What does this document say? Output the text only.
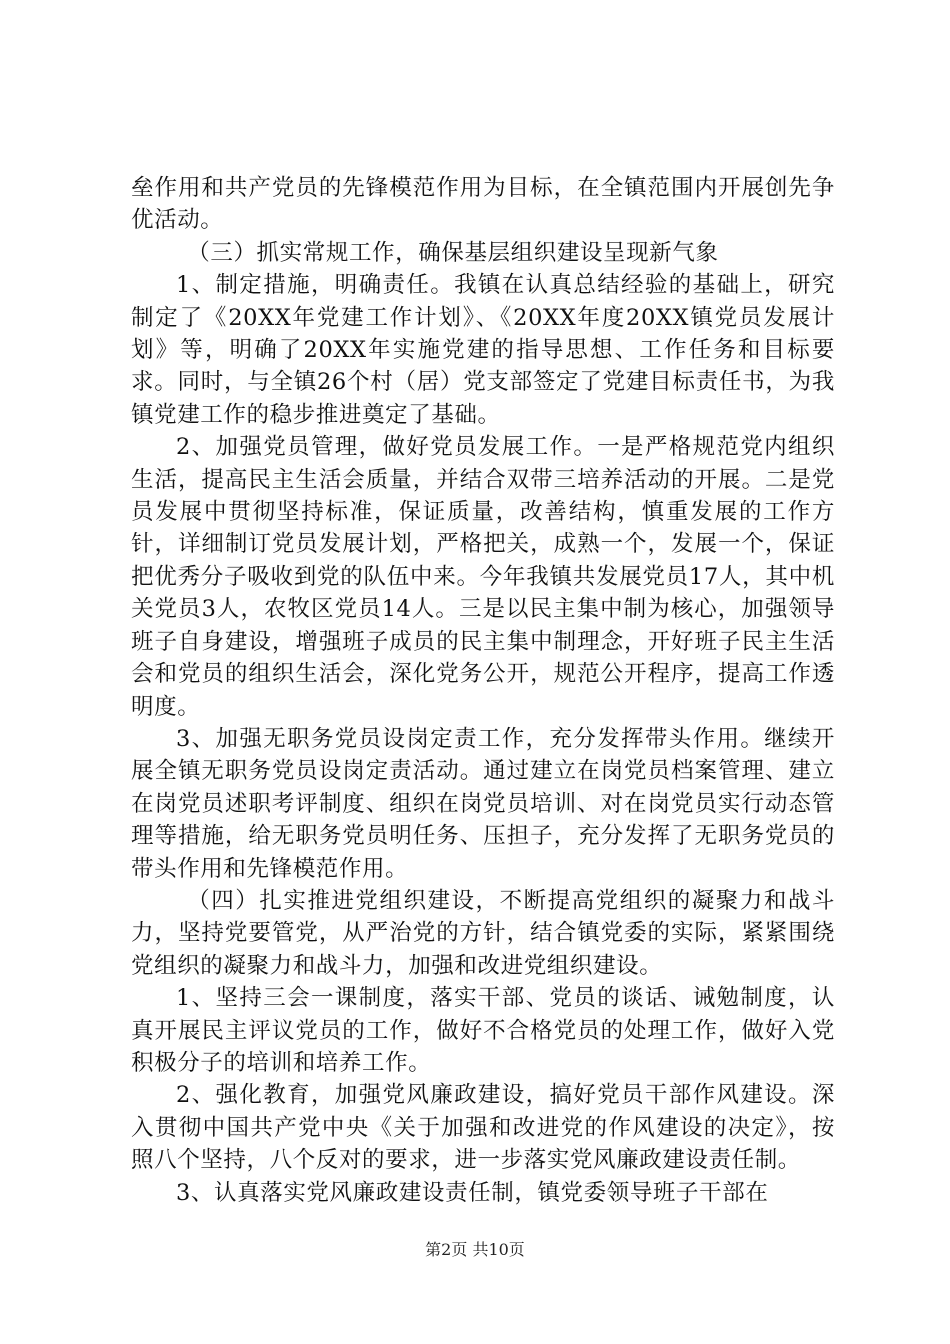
垒作用和共产党员的先锋模范作用为目标，在全镇范围内开展创先争优活动。

（三）抓实常规工作，确保基层组织建设呈现新气象

1、制定措施，明确责任。我镇在认真总结经验的基础上，研究制定了《20XX年党建工作计划》、《20XX年度20XX镇党员发展计划》等，明确了20XX年实施党建的指导思想、工作任务和目标要求。同时，与全镇26个村（居）党支部签定了党建目标责任书，为我镇党建工作的稳步推进奠定了基础。

2、加强党员管理，做好党员发展工作。一是严格规范党内组织生活，提高民主生活会质量，并结合双带三培养活动的开展。二是党员发展中贯彻坚持标准，保证质量，改善结构，慎重发展的工作方针，详细制订党员发展计划，严格把关，成熟一个，发展一个，保证把优秀分子吸收到党的队伍中来。今年我镇共发展党员17人，其中机关党员3人，农牧区党员14人。三是以民主集中制为核心，加强领导班子自身建设，增强班子成员的民主集中制理念，开好班子民主生活会和党员的组织生活会，深化党务公开，规范公开程序，提高工作透明度。

3、加强无职务党员设岗定责工作，充分发挥带头作用。继续开展全镇无职务党员设岗定责活动。通过建立在岗党员档案管理、建立在岗党员述职考评制度、组织在岗党员培训、对在岗党员实行动态管理等措施，给无职务党员明任务、压担子，充分发挥了无职务党员的带头作用和先锋模范作用。

（四）扎实推进党组织建设，不断提高党组织的凝聚力和战斗力，坚持党要管党，从严治党的方针，结合镇党委的实际，紧紧围绕党组织的凝聚力和战斗力，加强和改进党组织建设。

1、坚持三会一课制度，落实干部、党员的谈话、诫勉制度，认真开展民主评议党员的工作，做好不合格党员的处理工作，做好入党积极分子的培训和培养工作。

2、强化教育，加强党风廉政建设，搞好党员干部作风建设。深入贯彻中国共产党中央《关于加强和改进党的作风建设的决定》，按照八个坚持，八个反对的要求，进一步落实党风廉政建设责任制。

3、认真落实党风廉政建设责任制，镇党委领导班子干部在

第2页 共10页
